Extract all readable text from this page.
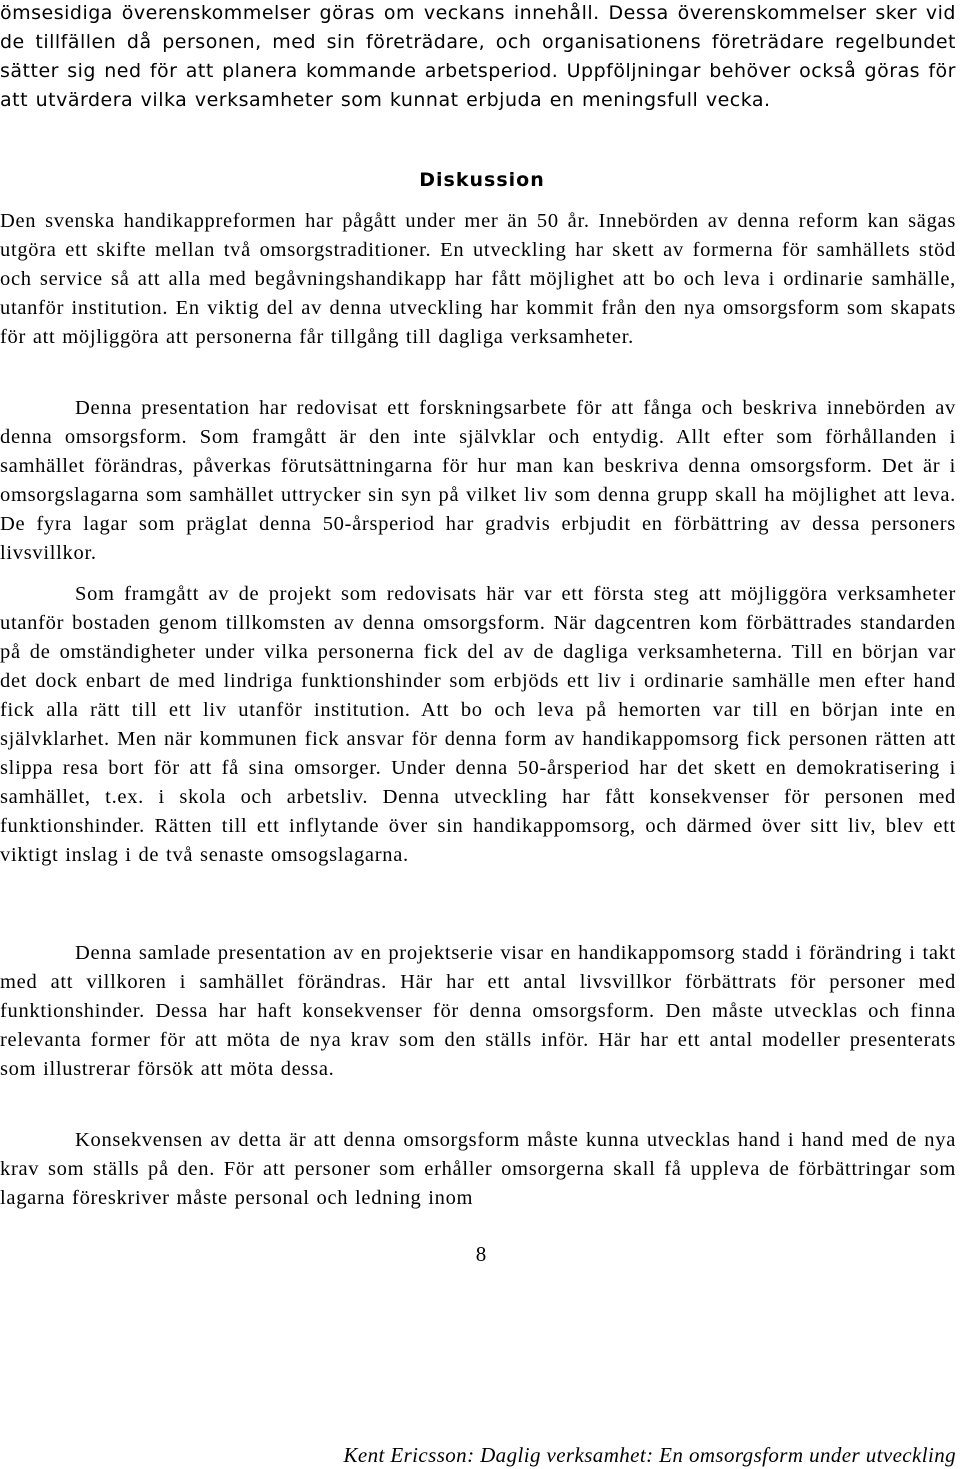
ömsesidiga överenskommelser göras om veckans innehåll. Dessa överenskommelser sker vid de tillfällen då personen, med sin företrädare, och organisationens företrädare regelbundet sätter sig ned för att planera kommande arbetsperiod. Uppföljningar behöver också göras för att utvärdera vilka verksamheter som kunnat erbjuda en meningsfull vecka.

Diskussion

Den svenska handikappreformen har pågått under mer än 50 år. Innebörden av denna reform kan sägas utgöra ett skifte mellan två omsorgstraditioner. En utveckling har skett av formerna för samhällets stöd och service så att alla med begåvningshandikapp har fått möjlighet att bo och leva i ordinarie samhälle, utanför institution. En viktig del av denna utveckling har kommit från den nya omsorgsform som skapats för att möjliggöra att personerna får tillgång till dagliga verksamheter.

Denna presentation har redovisat ett forskningsarbete för att fånga och beskriva innebörden av denna omsorgsform. Som framgått är den inte självklar och entydig. Allt efter som förhållanden i samhället förändras, påverkas förutsättningarna för hur man kan beskriva denna omsorgsform. Det är i omsorgslagarna som samhället uttrycker sin syn på vilket liv som denna grupp skall ha möjlighet att leva. De fyra lagar som präglat denna 50-årsperiod har gradvis erbjudit en förbättring av dessa personers livsvillkor.

Som framgått av de projekt som redovisats här var ett första steg att möjliggöra verksamheter utanför bostaden genom tillkomsten av denna omsorgsform. När dagcentren kom förbättrades standarden på de omständigheter under vilka personerna fick del av de dagliga verksamheterna. Till en början var det dock enbart de med lindriga funktionshinder som erbjöds ett liv i ordinarie samhälle men efter hand fick alla rätt till ett liv utanför institution. Att bo och leva på hemorten var till en början inte en självklarhet. Men när kommunen fick ansvar för denna form av handikappomsorg fick personen rätten att slippa resa bort för att få sina omsorger. Under denna 50-årsperiod har det skett en demokratisering i samhället, t.ex. i skola och arbetsliv. Denna utveckling har fått konsekvenser för personen med funktionshinder. Rätten till ett inflytande över sin handikappomsorg, och därmed över sitt liv, blev ett viktigt inslag i de två senaste omsogslagarna.

Denna samlade presentation av en projektserie visar en handikappomsorg stadd i förändring i takt med att villkoren i samhället förändras. Här har ett antal livsvillkor förbättrats för personer med funktionshinder. Dessa har haft konsekvenser för denna omsorgsform. Den måste utvecklas och finna relevanta former för att möta de nya krav som den ställs inför. Här har ett antal modeller presenterats som illustrerar försök att möta dessa.

Konsekvensen av detta är att denna omsorgsform måste kunna utvecklas hand i hand med de nya krav som ställs på den. För att personer som erhåller omsorgerna skall få uppleva de förbättringar som lagarna föreskriver måste personal och ledning inom

8
Kent Ericsson: Daglig verksamhet: En omsorgsform under utveckling
